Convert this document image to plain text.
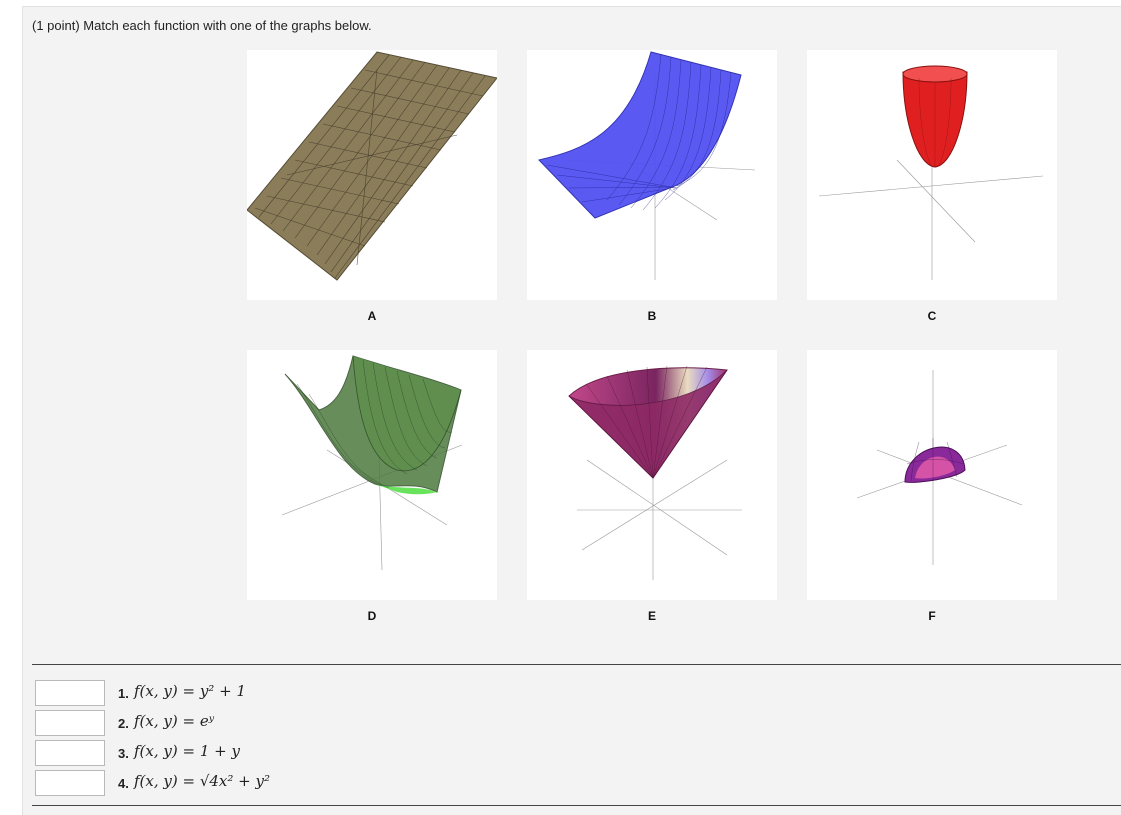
(1 point) Match each function with one of the graphs below.
A	B	C
D	E	F
1. f(x, y) = y² + 1
2. f(x, y) = eʸ
3. f(x, y) = 1 + y
4. f(x, y) = √4x² + y²
